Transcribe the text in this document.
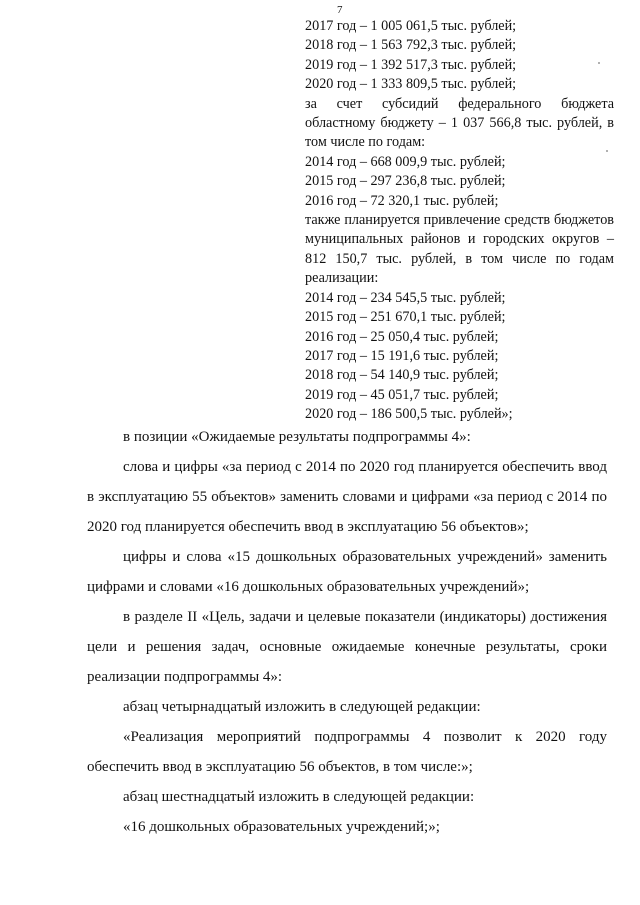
7
2017 год – 1 005 061,5 тыс. рублей;
2018 год – 1 563 792,3 тыс. рублей;
2019 год – 1 392 517,3 тыс. рублей;
2020 год – 1 333 809,5 тыс. рублей;
за счет субсидий федерального бюджета областному бюджету – 1 037 566,8 тыс. рублей, в том числе по годам:
2014 год – 668 009,9 тыс. рублей;
2015 год – 297 236,8 тыс. рублей;
2016 год – 72 320,1 тыс. рублей;
также планируется привлечение средств бюджетов муниципальных районов и городских округов – 812 150,7 тыс. рублей, в том числе по годам реализации:
2014 год – 234 545,5 тыс. рублей;
2015 год – 251 670,1 тыс. рублей;
2016 год – 25 050,4 тыс. рублей;
2017 год – 15 191,6 тыс. рублей;
2018 год – 54 140,9 тыс. рублей;
2019 год – 45 051,7 тыс. рублей;
2020 год – 186 500,5 тыс. рублей»;

в позиции «Ожидаемые результаты подпрограммы 4»:

слова и цифры «за период с 2014 по 2020 год планируется обеспечить ввод в эксплуатацию 55 объектов» заменить словами и цифрами «за период с 2014 по 2020 год планируется обеспечить ввод в эксплуатацию 56 объектов»;

цифры и слова «15 дошкольных образовательных учреждений» заменить цифрами и словами «16 дошкольных образовательных учреждений»;

в разделе II «Цель, задачи и целевые показатели (индикаторы) достижения цели и решения задач, основные ожидаемые конечные результаты, сроки реализации подпрограммы 4»:

абзац четырнадцатый изложить в следующей редакции:

«Реализация мероприятий подпрограммы 4 позволит к 2020 году обеспечить ввод в эксплуатацию 56 объектов, в том числе:»;

абзац шестнадцатый изложить в следующей редакции:

«16 дошкольных образовательных учреждений;»;
